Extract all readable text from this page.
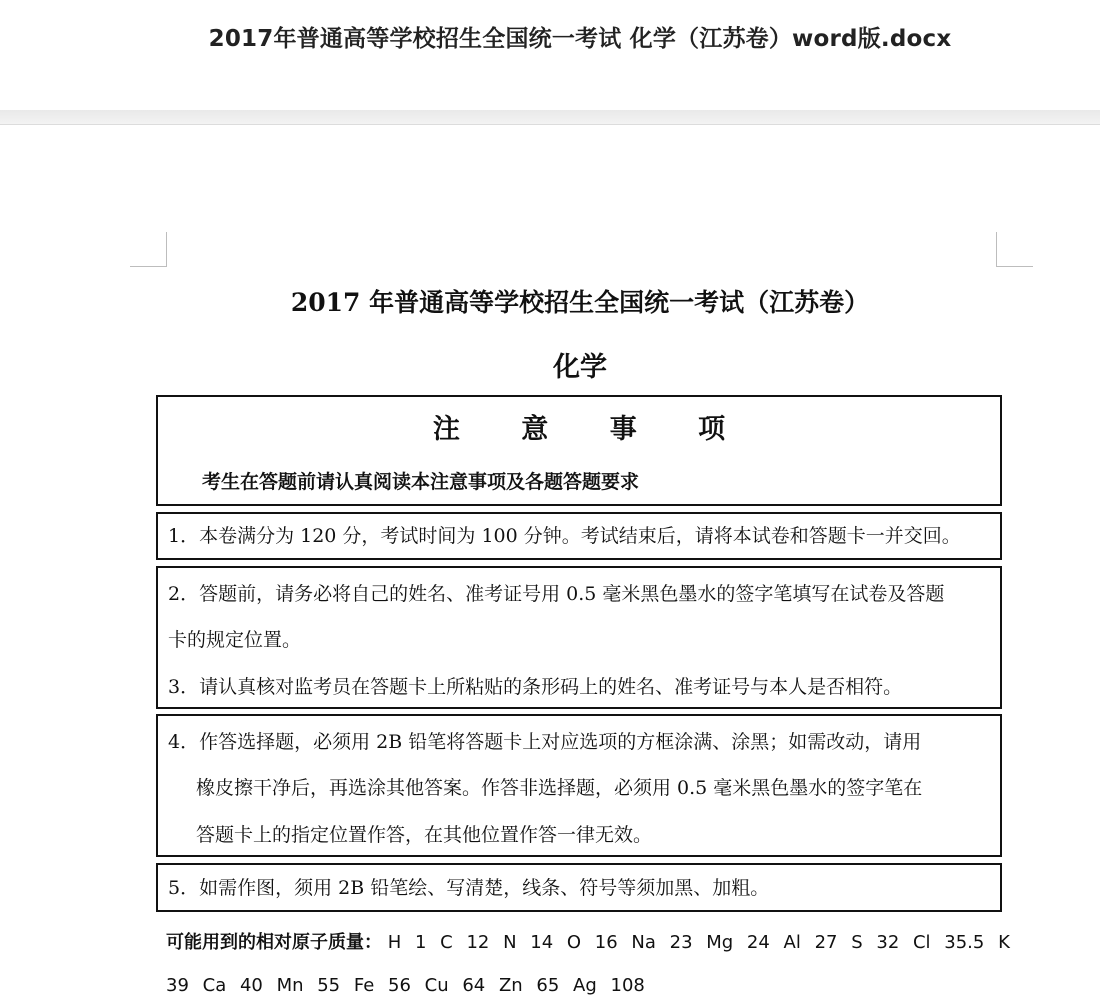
2017年普通高等学校招生全国统一考试 化学（江苏卷）word版.docx
2017 年普通高等学校招生全国统一考试（江苏卷）
化学
注 意 事 项
考生在答题前请认真阅读本注意事项及各题答题要求
1．本卷满分为 120 分，考试时间为 100 分钟。考试结束后，请将本试卷和答题卡一并交回。
2．答题前，请务必将自己的姓名、准考证号用 0.5 毫米黑色墨水的签字笔填写在试卷及答题
卡的规定位置。
3．请认真核对监考员在答题卡上所粘贴的条形码上的姓名、准考证号与本人是否相符。
4．作答选择题，必须用 2B 铅笔将答题卡上对应选项的方框涂满、涂黑；如需改动，请用
橡皮擦干净后，再选涂其他答案。作答非选择题，必须用 0.5 毫米黑色墨水的签字笔在
答题卡上的指定位置作答，在其他位置作答一律无效。
5．如需作图，须用 2B 铅笔绘、写清楚，线条、符号等须加黑、加粗。
可能用到的相对原子质量： H 1 C 12 N 14 O 16 Na 23 Mg 24 Al 27 S 32 Cl 35.5 K
39 Ca 40 Mn 55 Fe 56 Cu 64 Zn 65 Ag 108
